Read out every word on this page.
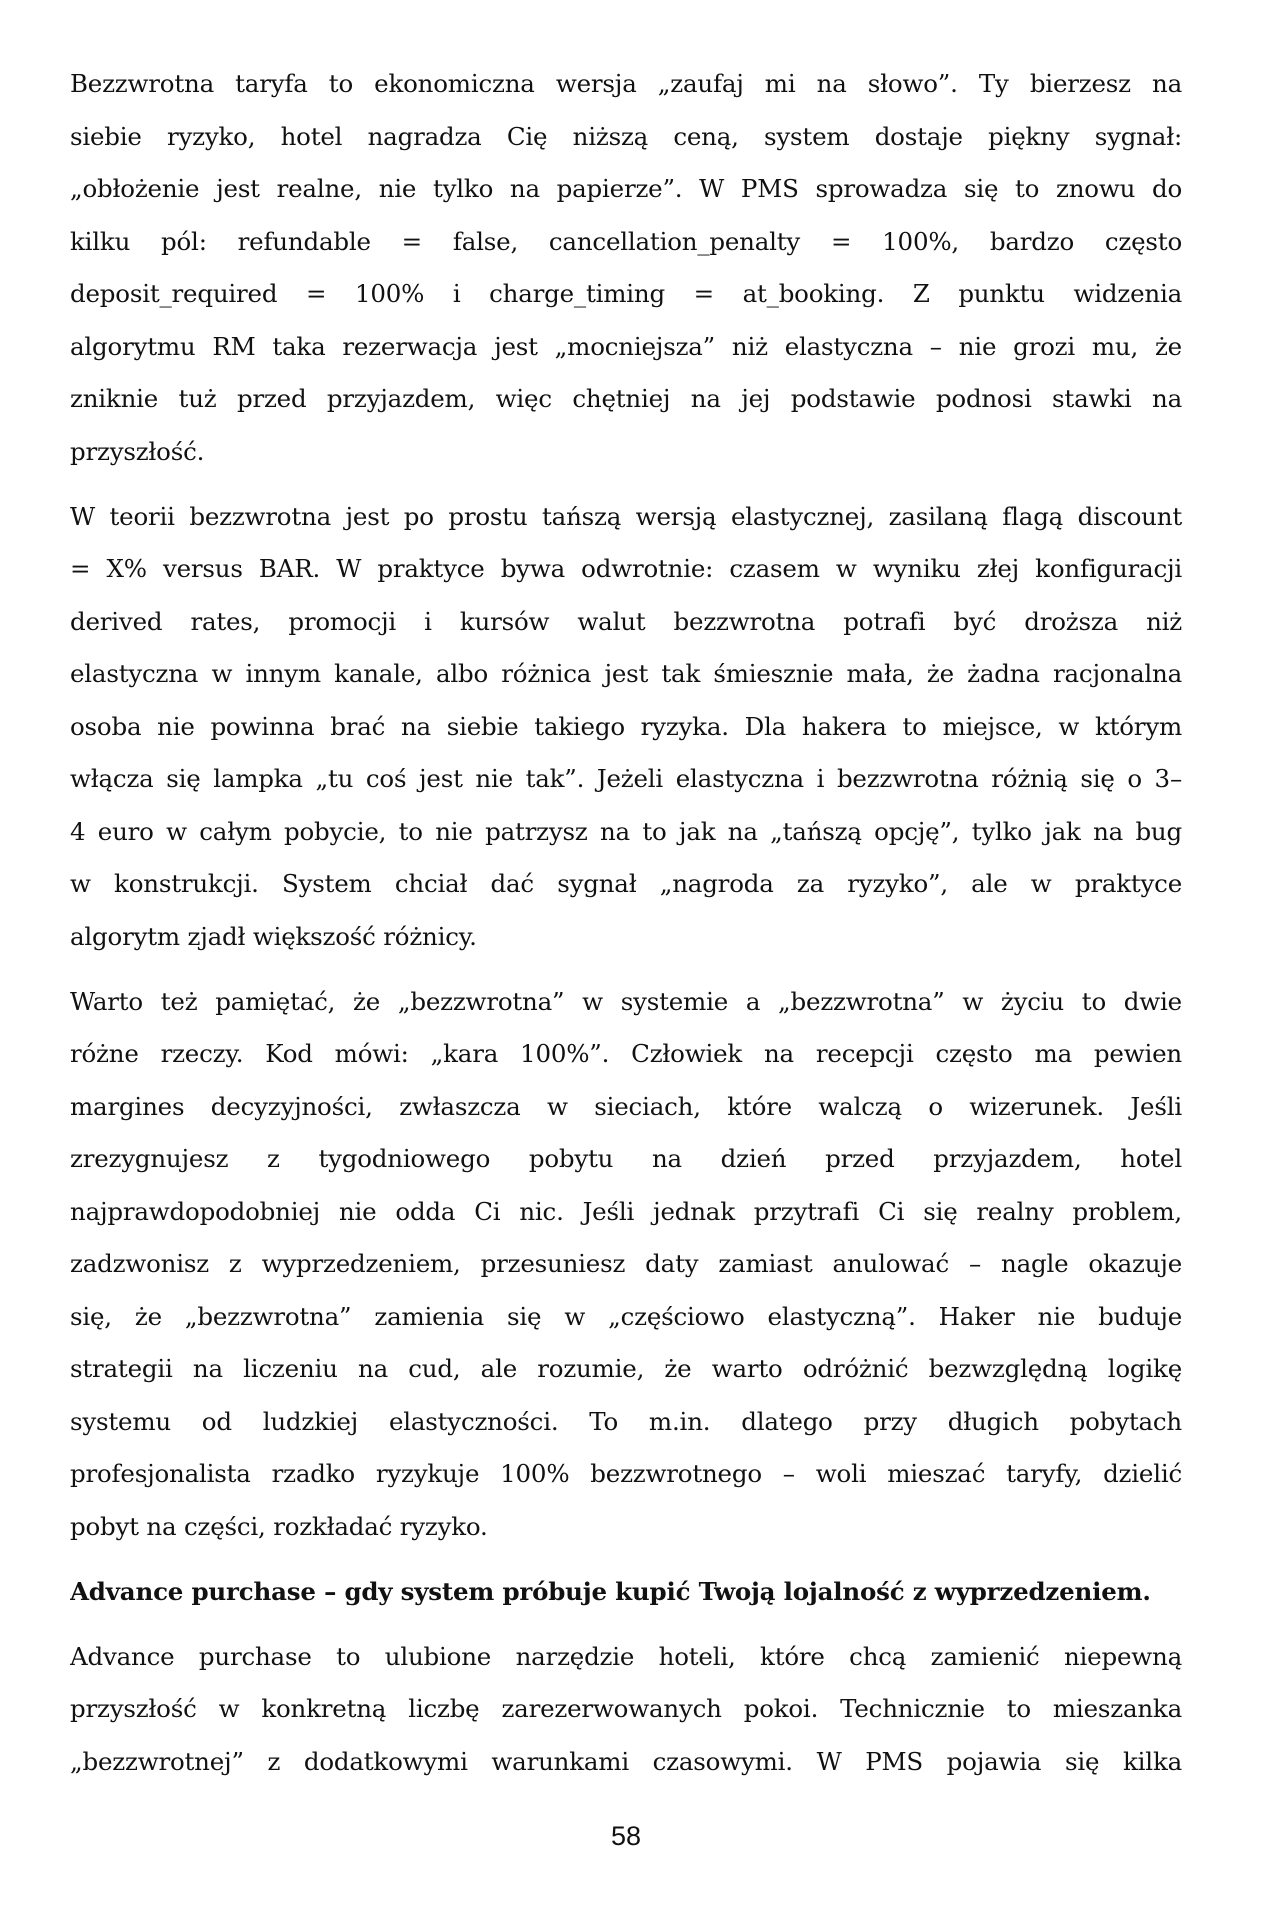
Bezzwrotna taryfa to ekonomiczna wersja „zaufaj mi na słowo”. Ty bierzesz na
siebie ryzyko, hotel nagradza Cię niższą ceną, system dostaje piękny sygnał:
„obłożenie jest realne, nie tylko na papierze”. W PMS sprowadza się to znowu do
kilku pól: refundable = false, cancellation_penalty = 100%, bardzo często
deposit_required = 100% i charge_timing = at_booking. Z punktu widzenia
algorytmu RM taka rezerwacja jest „mocniejsza” niż elastyczna – nie grozi mu, że
zniknie tuż przed przyjazdem, więc chętniej na jej podstawie podnosi stawki na
przyszłość.

W teorii bezzwrotna jest po prostu tańszą wersją elastycznej, zasilaną flagą discount
= X% versus BAR. W praktyce bywa odwrotnie: czasem w wyniku złej konfiguracji
derived rates, promocji i kursów walut bezzwrotna potrafi być droższa niż
elastyczna w innym kanale, albo różnica jest tak śmiesznie mała, że żadna racjonalna
osoba nie powinna brać na siebie takiego ryzyka. Dla hakera to miejsce, w którym
włącza się lampka „tu coś jest nie tak”. Jeżeli elastyczna i bezzwrotna różnią się o 3–
4 euro w całym pobycie, to nie patrzysz na to jak na „tańszą opcję”, tylko jak na bug
w konstrukcji. System chciał dać sygnał „nagroda za ryzyko”, ale w praktyce
algorytm zjadł większość różnicy.

Warto też pamiętać, że „bezzwrotna” w systemie a „bezzwrotna” w życiu to dwie
różne rzeczy. Kod mówi: „kara 100%”. Człowiek na recepcji często ma pewien
margines decyzyjności, zwłaszcza w sieciach, które walczą o wizerunek. Jeśli
zrezygnujesz z tygodniowego pobytu na dzień przed przyjazdem, hotel
najprawdopodobniej nie odda Ci nic. Jeśli jednak przytrafi Ci się realny problem,
zadzwonisz z wyprzedzeniem, przesuniesz daty zamiast anulować – nagle okazuje
się, że „bezzwrotna” zamienia się w „częściowo elastyczną”. Haker nie buduje
strategii na liczeniu na cud, ale rozumie, że warto odróżnić bezwzględną logikę
systemu od ludzkiej elastyczności. To m.in. dlatego przy długich pobytach
profesjonalista rzadko ryzykuje 100% bezzwrotnego – woli mieszać taryfy, dzielić
pobyt na części, rozkładać ryzyko.

Advance purchase – gdy system próbuje kupić Twoją lojalność z wyprzedzeniem.

Advance purchase to ulubione narzędzie hoteli, które chcą zamienić niepewną
przyszłość w konkretną liczbę zarezerwowanych pokoi. Technicznie to mieszanka
„bezzwrotnej” z dodatkowymi warunkami czasowymi. W PMS pojawia się kilka

58
